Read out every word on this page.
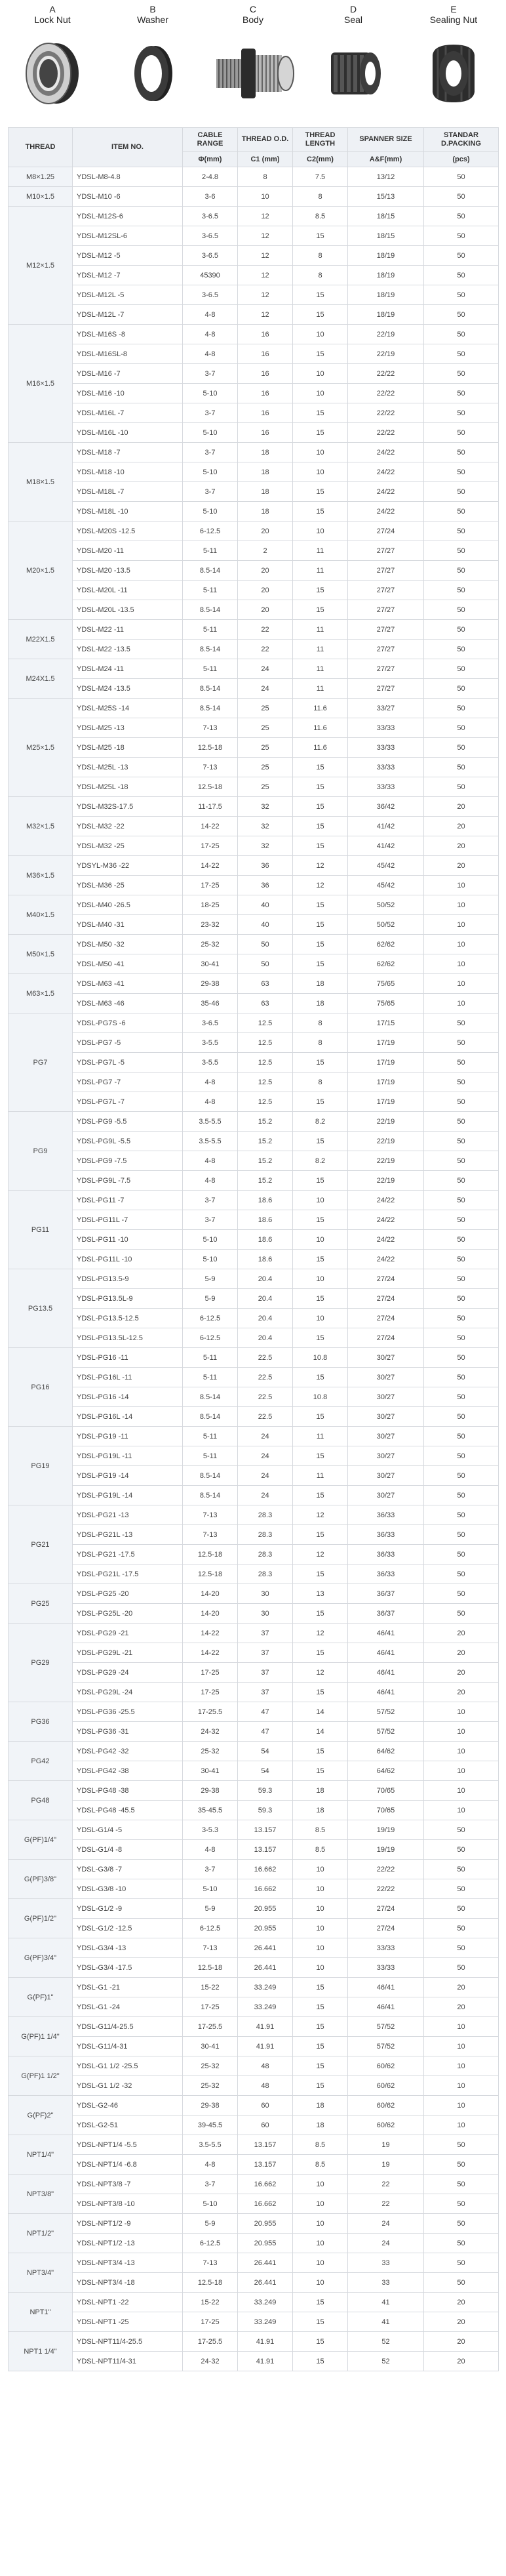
A
Lock Nut
B
Washer
C
Body
D
Seal
E
Sealing Nut
THREAD	ITEM NO.	CABLE RANGE	THREAD O.D.	THREAD LENGTH	SPANNER SIZE	STANDAR D.PACKING
		Φ(mm)	C1 (mm)	C2(mm)	A&F(mm)	(pcs)
M8×1.25	YDSL-M8-4.8	2-4.8	8	7.5	13/12	50
M10×1.5	YDSL-M10 -6	3-6	10	8	15/13	50
M12×1.5	YDSL-M12S-6	3-6.5	12	8.5	18/15	50
	YDSL-M12SL-6	3-6.5	12	15	18/15	50
	YDSL-M12 -5	3-6.5	12	8	18/19	50
	YDSL-M12 -7	45390	12	8	18/19	50
	YDSL-M12L -5	3-6.5	12	15	18/19	50
	YDSL-M12L -7	4-8	12	15	18/19	50
M16×1.5	YDSL-M16S -8	4-8	16	10	22/19	50
	YDSL-M16SL-8	4-8	16	15	22/19	50
	YDSL-M16 -7	3-7	16	10	22/22	50
	YDSL-M16 -10	5-10	16	10	22/22	50
	YDSL-M16L -7	3-7	16	15	22/22	50
	YDSL-M16L -10	5-10	16	15	22/22	50
M18×1.5	YDSL-M18 -7	3-7	18	10	24/22	50
	YDSL-M18 -10	5-10	18	10	24/22	50
	YDSL-M18L -7	3-7	18	15	24/22	50
	YDSL-M18L -10	5-10	18	15	24/22	50
M20×1.5	YDSL-M20S -12.5	6-12.5	20	10	27/24	50
	YDSL-M20 -11	5-11	2	11	27/27	50
	YDSL-M20 -13.5	8.5-14	20	11	27/27	50
	YDSL-M20L -11	5-11	20	15	27/27	50
	YDSL-M20L -13.5	8.5-14	20	15	27/27	50
M22X1.5	YDSL-M22 -11	5-11	22	11	27/27	50
	YDSL-M22 -13.5	8.5-14	22	11	27/27	50
M24X1.5	YDSL-M24 -11	5-11	24	11	27/27	50
	YDSL-M24 -13.5	8.5-14	24	11	27/27	50
M25×1.5	YDSL-M25S -14	8.5-14	25	11.6	33/27	50
	YDSL-M25 -13	7-13	25	11.6	33/33	50
	YDSL-M25 -18	12.5-18	25	11.6	33/33	50
	YDSL-M25L -13	7-13	25	15	33/33	50
	YDSL-M25L -18	12.5-18	25	15	33/33	50
M32×1.5	YDSL-M32S-17.5	11-17.5	32	15	36/42	20
	YDSL-M32 -22	14-22	32	15	41/42	20
	YDSL-M32 -25	17-25	32	15	41/42	20
M36×1.5	YDSYL-M36 -22	14-22	36	12	45/42	20
	YDSL-M36 -25	17-25	36	12	45/42	10
M40×1.5	YDSL-M40 -26.5	18-25	40	15	50/52	10
	YDSL-M40 -31	23-32	40	15	50/52	10
M50×1.5	YDSL-M50 -32	25-32	50	15	62/62	10
	YDSL-M50 -41	30-41	50	15	62/62	10
M63×1.5	YDSL-M63 -41	29-38	63	18	75/65	10
	YDSL-M63 -46	35-46	63	18	75/65	10
PG7	YDSL-PG7S -6	3-6.5	12.5	8	17/15	50
	YDSL-PG7 -5	3-5.5	12.5	8	17/19	50
	YDSL-PG7L -5	3-5.5	12.5	15	17/19	50
	YDSL-PG7 -7	4-8	12.5	8	17/19	50
	YDSL-PG7L -7	4-8	12.5	15	17/19	50
PG9	YDSL-PG9 -5.5	3.5-5.5	15.2	8.2	22/19	50
	YDSL-PG9L -5.5	3.5-5.5	15.2	15	22/19	50
	YDSL-PG9 -7.5	4-8	15.2	8.2	22/19	50
	YDSL-PG9L -7.5	4-8	15.2	15	22/19	50
PG11	YDSL-PG11 -7	3-7	18.6	10	24/22	50
	YDSL-PG11L -7	3-7	18.6	15	24/22	50
	YDSL-PG11 -10	5-10	18.6	10	24/22	50
	YDSL-PG11L -10	5-10	18.6	15	24/22	50
PG13.5	YDSL-PG13.5-9	5-9	20.4	10	27/24	50
	YDSL-PG13.5L-9	5-9	20.4	15	27/24	50
	YDSL-PG13.5-12.5	6-12.5	20.4	10	27/24	50
	YDSL-PG13.5L-12.5	6-12.5	20.4	15	27/24	50
PG16	YDSL-PG16 -11	5-11	22.5	10.8	30/27	50
	YDSL-PG16L -11	5-11	22.5	15	30/27	50
	YDSL-PG16 -14	8.5-14	22.5	10.8	30/27	50
	YDSL-PG16L -14	8.5-14	22.5	15	30/27	50
PG19	YDSL-PG19 -11	5-11	24	11	30/27	50
	YDSL-PG19L -11	5-11	24	15	30/27	50
	YDSL-PG19 -14	8.5-14	24	11	30/27	50
	YDSL-PG19L -14	8.5-14	24	15	30/27	50
PG21	YDSL-PG21 -13	7-13	28.3	12	36/33	50
	YDSL-PG21L -13	7-13	28.3	15	36/33	50
	YDSL-PG21 -17.5	12.5-18	28.3	12	36/33	50
	YDSL-PG21L -17.5	12.5-18	28.3	15	36/33	50
PG25	YDSL-PG25 -20	14-20	30	13	36/37	50
	YDSL-PG25L -20	14-20	30	15	36/37	50
PG29	YDSL-PG29 -21	14-22	37	12	46/41	20
	YDSL-PG29L -21	14-22	37	15	46/41	20
	YDSL-PG29 -24	17-25	37	12	46/41	20
	YDSL-PG29L -24	17-25	37	15	46/41	20
PG36	YDSL-PG36 -25.5	17-25.5	47	14	57/52	10
	YDSL-PG36 -31	24-32	47	14	57/52	10
PG42	YDSL-PG42 -32	25-32	54	15	64/62	10
	YDSL-PG42 -38	30-41	54	15	64/62	10
PG48	YDSL-PG48 -38	29-38	59.3	18	70/65	10
	YDSL-PG48 -45.5	35-45.5	59.3	18	70/65	10
G(PF)1/4"	YDSL-G1/4 -5	3-5.3	13.157	8.5	19/19	50
	YDSL-G1/4 -8	4-8	13.157	8.5	19/19	50
G(PF)3/8"	YDSL-G3/8 -7	3-7	16.662	10	22/22	50
	YDSL-G3/8 -10	5-10	16.662	10	22/22	50
G(PF)1/2"	YDSL-G1/2 -9	5-9	20.955	10	27/24	50
	YDSL-G1/2 -12.5	6-12.5	20.955	10	27/24	50
G(PF)3/4"	YDSL-G3/4 -13	7-13	26.441	10	33/33	50
	YDSL-G3/4 -17.5	12.5-18	26.441	10	33/33	50
G(PF)1"	YDSL-G1 -21	15-22	33.249	15	46/41	20
	YDSL-G1 -24	17-25	33.249	15	46/41	20
G(PF)1 1/4"	YDSL-G11/4-25.5	17-25.5	41.91	15	57/52	10
	YDSL-G11/4-31	30-41	41.91	15	57/52	10
G(PF)1 1/2"	YDSL-G1 1/2 -25.5	25-32	48	15	60/62	10
	YDSL-G1 1/2 -32	25-32	48	15	60/62	10
G(PF)2"	YDSL-G2-46	29-38	60	18	60/62	10
	YDSL-G2-51	39-45.5	60	18	60/62	10
NPT1/4"	YDSL-NPT1/4 -5.5	3.5-5.5	13.157	8.5	19	50
	YDSL-NPT1/4 -6.8	4-8	13.157	8.5	19	50
NPT3/8"	YDSL-NPT3/8 -7	3-7	16.662	10	22	50
	YDSL-NPT3/8 -10	5-10	16.662	10	22	50
NPT1/2"	YDSL-NPT1/2 -9	5-9	20.955	10	24	50
	YDSL-NPT1/2 -13	6-12.5	20.955	10	24	50
NPT3/4"	YDSL-NPT3/4 -13	7-13	26.441	10	33	50
	YDSL-NPT3/4 -18	12.5-18	26.441	10	33	50
NPT1"	YDSL-NPT1 -22	15-22	33.249	15	41	20
	YDSL-NPT1 -25	17-25	33.249	15	41	20
NPT1 1/4"	YDSL-NPT11/4-25.5	17-25.5	41.91	15	52	20
	YDSL-NPT11/4-31	24-32	41.91	15	52	20
